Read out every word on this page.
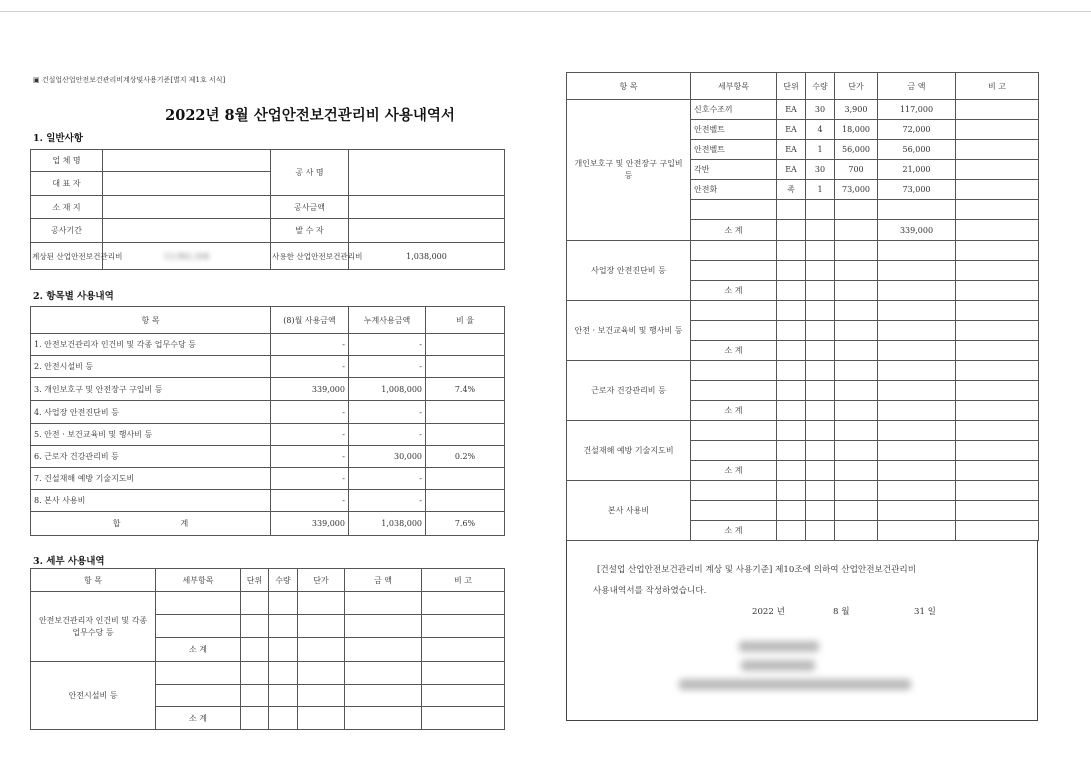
▣ 건설업산업안전보건관리비계상및사용기준[별지 제1호 서식]
2022년 8월 산업안전보건관리비 사용내역서
1. 일반사항
업 체 명		공 사 명	
대 표 자			
소 재 지		공사금액	
공사기간		발 수 자	
계상된 산업안전보건관리비	13,982,308	사용한 산업안전보건관리비	1,038,000
2. 항목별 사용내역
항 목	(8)월 사용금액	누계사용금액	비 율
1. 안전보건관리자 인건비 및 각종 업무수당 등	-	-	
2. 안전시설비 등	-	-	
3. 개인보호구 및 안전장구 구입비 등	339,000	1,008,000	7.4%
4. 사업장 안전진단비 등	-	-	
5. 안전 · 보건교육비 및 행사비 등	-	-	
6. 근로자 건강관리비 등	-	30,000	0.2%
7. 건설재해 예방 기술지도비	-	-	
8. 본사 사용비	-	-	
합 계	339,000	1,038,000	7.6%
3. 세부 사용내역
항 목	세부항목	단위	수량	단가	금 액	비 고
안전보건관리자 인건비 및 각종 업무수당 등						

	소 계					
안전시설비 등						

	소 계					
항 목	세부항목	단위	수량	단가	금 액	비 고
개인보호구 및 안전장구 구입비 등	신호수조끼	EA	30	3,900	117,000	
	안전벨트	EA	4	18,000	72,000	
	안전벨트	EA	1	56,000	56,000	
	각반	EA	30	700	21,000	
	안전화	족	1	73,000	73,000	

	소 계				339,000	
사업장 안전진단비 등						

	소 계					
안전 · 보건교육비 및 행사비 등						

	소 계					
근로자 건강관리비 등						

	소 계					
건설재해 예방 기술지도비						

	소 계					
본사 사용비						

	소 계					
[건설업 산업안전보건관리비 계상 및 사용기준] 제10조에 의하여 산업안전보건관리비
사용내역서를 작성하였습니다.
2022 년	8 월	31 일
